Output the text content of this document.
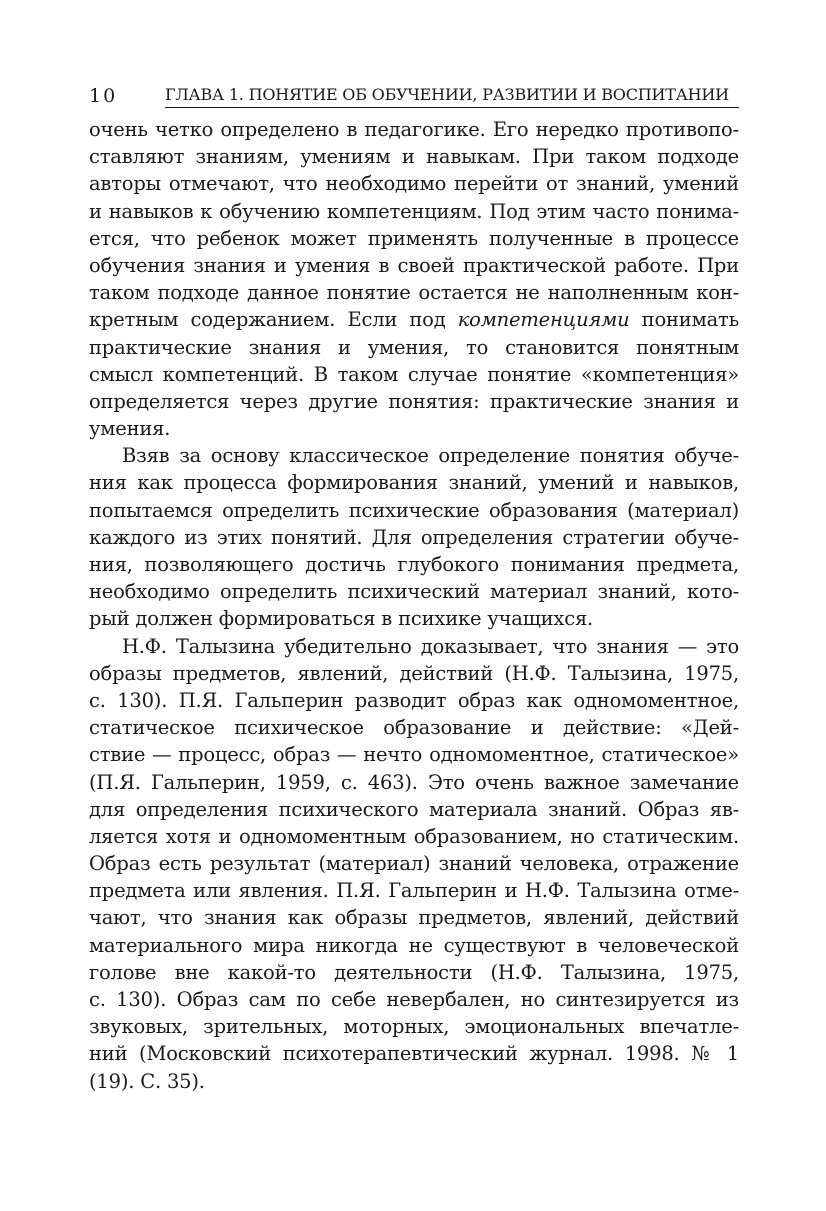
10	ГЛАВА 1. ПОНЯТИЕ ОБ ОБУЧЕНИИ, РАЗВИТИИ И ВОСПИТАНИИ
очень четко определено в педагогике. Его нередко противопо-
ставляют знаниям, умениям и навыкам. При таком подходе
авторы отмечают, что необходимо перейти от знаний, умений
и навыков к обучению компетенциям. Под этим часто понима-
ется, что ребенок может применять полученные в процессе
обучения знания и умения в своей практической работе. При
таком подходе данное понятие остается не наполненным кон-
кретным содержанием. Если под компетенциями понимать
практические знания и умения, то становится понятным
смысл компетенций. В таком случае понятие «компетенция»
определяется через другие понятия: практические знания и
умения.
Взяв за основу классическое определение понятия обуче-
ния как процесса формирования знаний, умений и навыков,
попытаемся определить психические образования (материал)
каждого из этих понятий. Для определения стратегии обуче-
ния, позволяющего достичь глубокого понимания предмета,
необходимо определить психический материал знаний, кото-
рый должен формироваться в психике учащихся.
Н.Ф. Талызина убедительно доказывает, что знания — это
образы предметов, явлений, действий (Н.Ф. Талызина, 1975,
с. 130). П.Я. Гальперин разводит образ как одномоментное,
статическое психическое образование и действие: «Дей-
ствие — процесс, образ — нечто одномоментное, статическое»
(П.Я. Гальперин, 1959, с. 463). Это очень важное замечание
для определения психического материала знаний. Образ яв-
ляется хотя и одномоментным образованием, но статическим.
Образ есть результат (материал) знаний человека, отражение
предмета или явления. П.Я. Гальперин и Н.Ф. Талызина отме-
чают, что знания как образы предметов, явлений, действий
материального мира никогда не существуют в человеческой
голове вне какой-то деятельности (Н.Ф. Талызина, 1975,
с. 130). Образ сам по себе невербален, но синтезируется из
звуковых, зрительных, моторных, эмоциональных впечатле-
ний (Московский психотерапевтический журнал. 1998. № 1
(19). С. 35).
